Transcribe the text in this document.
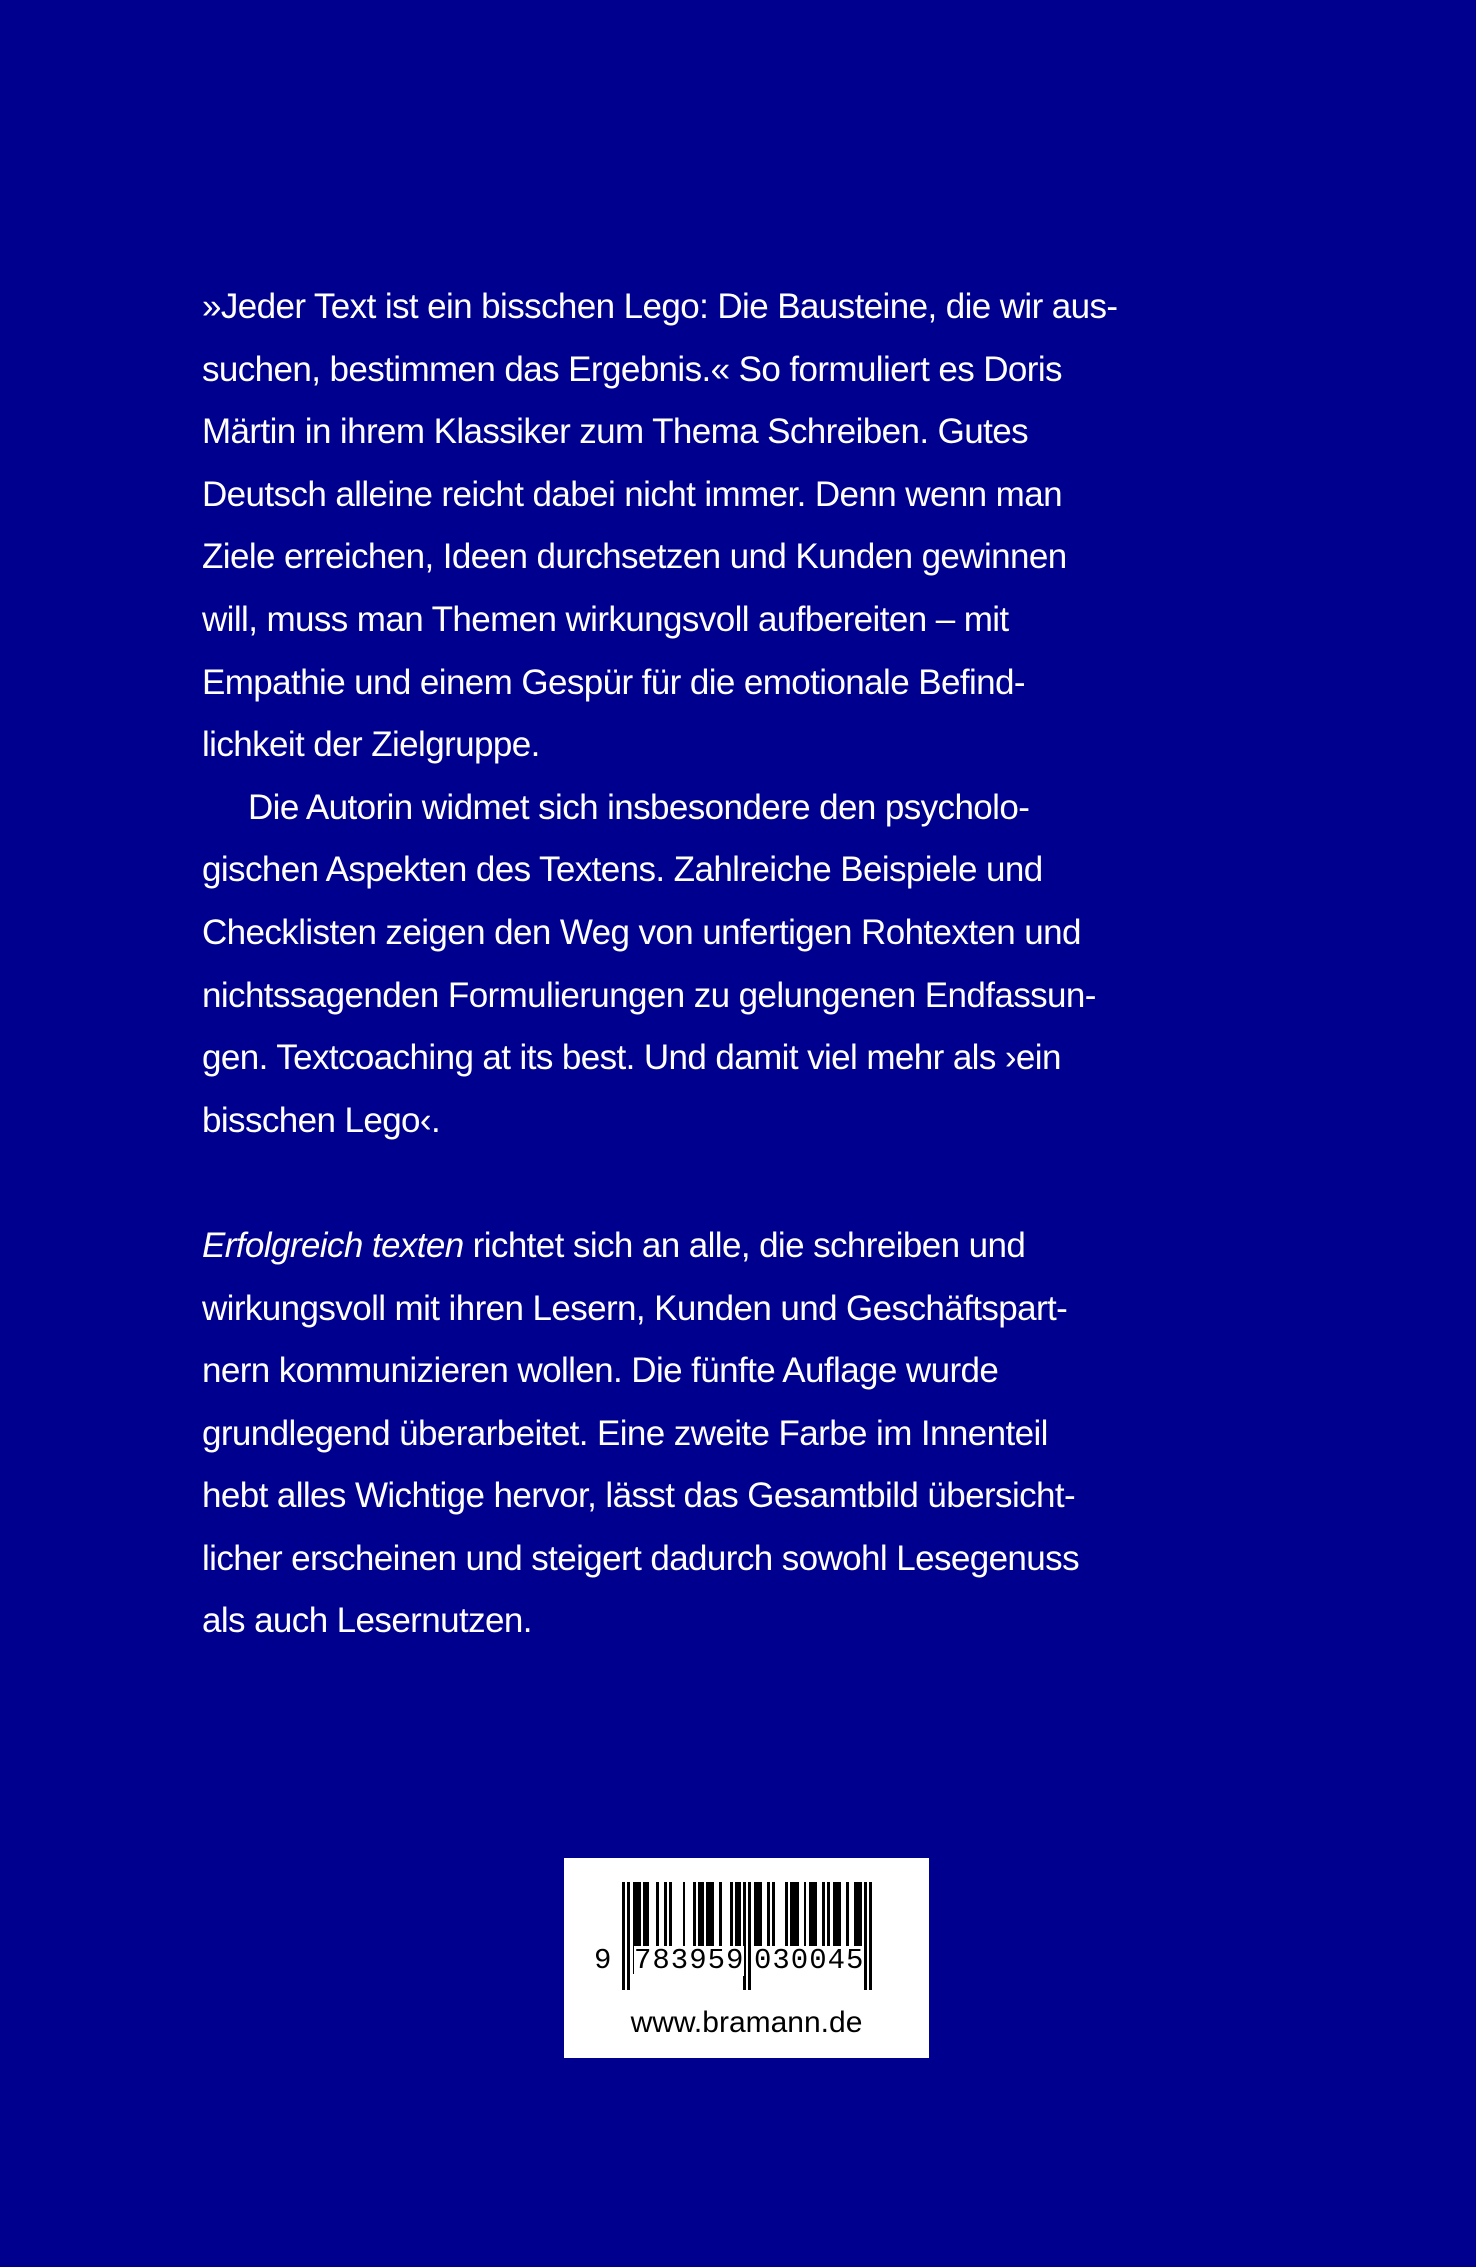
»Jeder Text ist ein bisschen Lego: Die Bausteine, die wir aus-
suchen, bestimmen das Ergebnis.« So formuliert es Doris
Märtin in ihrem Klassiker zum Thema Schreiben. Gutes
Deutsch alleine reicht dabei nicht immer. Denn wenn man
Ziele erreichen, Ideen durchsetzen und Kunden gewinnen
will, muss man Themen wirkungsvoll aufbereiten – mit
Empathie und einem Gespür für die emotionale Befind-
lichkeit der Zielgruppe.
Die Autorin widmet sich insbesondere den psycholo-
gischen Aspekten des Textens. Zahlreiche Beispiele und
Checklisten zeigen den Weg von unfertigen Rohtexten und
nichtssagenden Formulierungen zu gelungenen Endfassun-
gen. Textcoaching at its best. Und damit viel mehr als ›ein
bisschen Lego‹.
Erfolgreich texten richtet sich an alle, die schreiben und
wirkungsvoll mit ihren Lesern, Kunden und Geschäftspart-
nern kommunizieren wollen. Die fünfte Auflage wurde
grundlegend überarbeitet. Eine zweite Farbe im Innenteil
hebt alles Wichtige hervor, lässt das Gesamtbild übersicht-
licher erscheinen und steigert dadurch sowohl Lesegenuss
als auch Lesernutzen.
9 783959 030045
www.bramann.de
